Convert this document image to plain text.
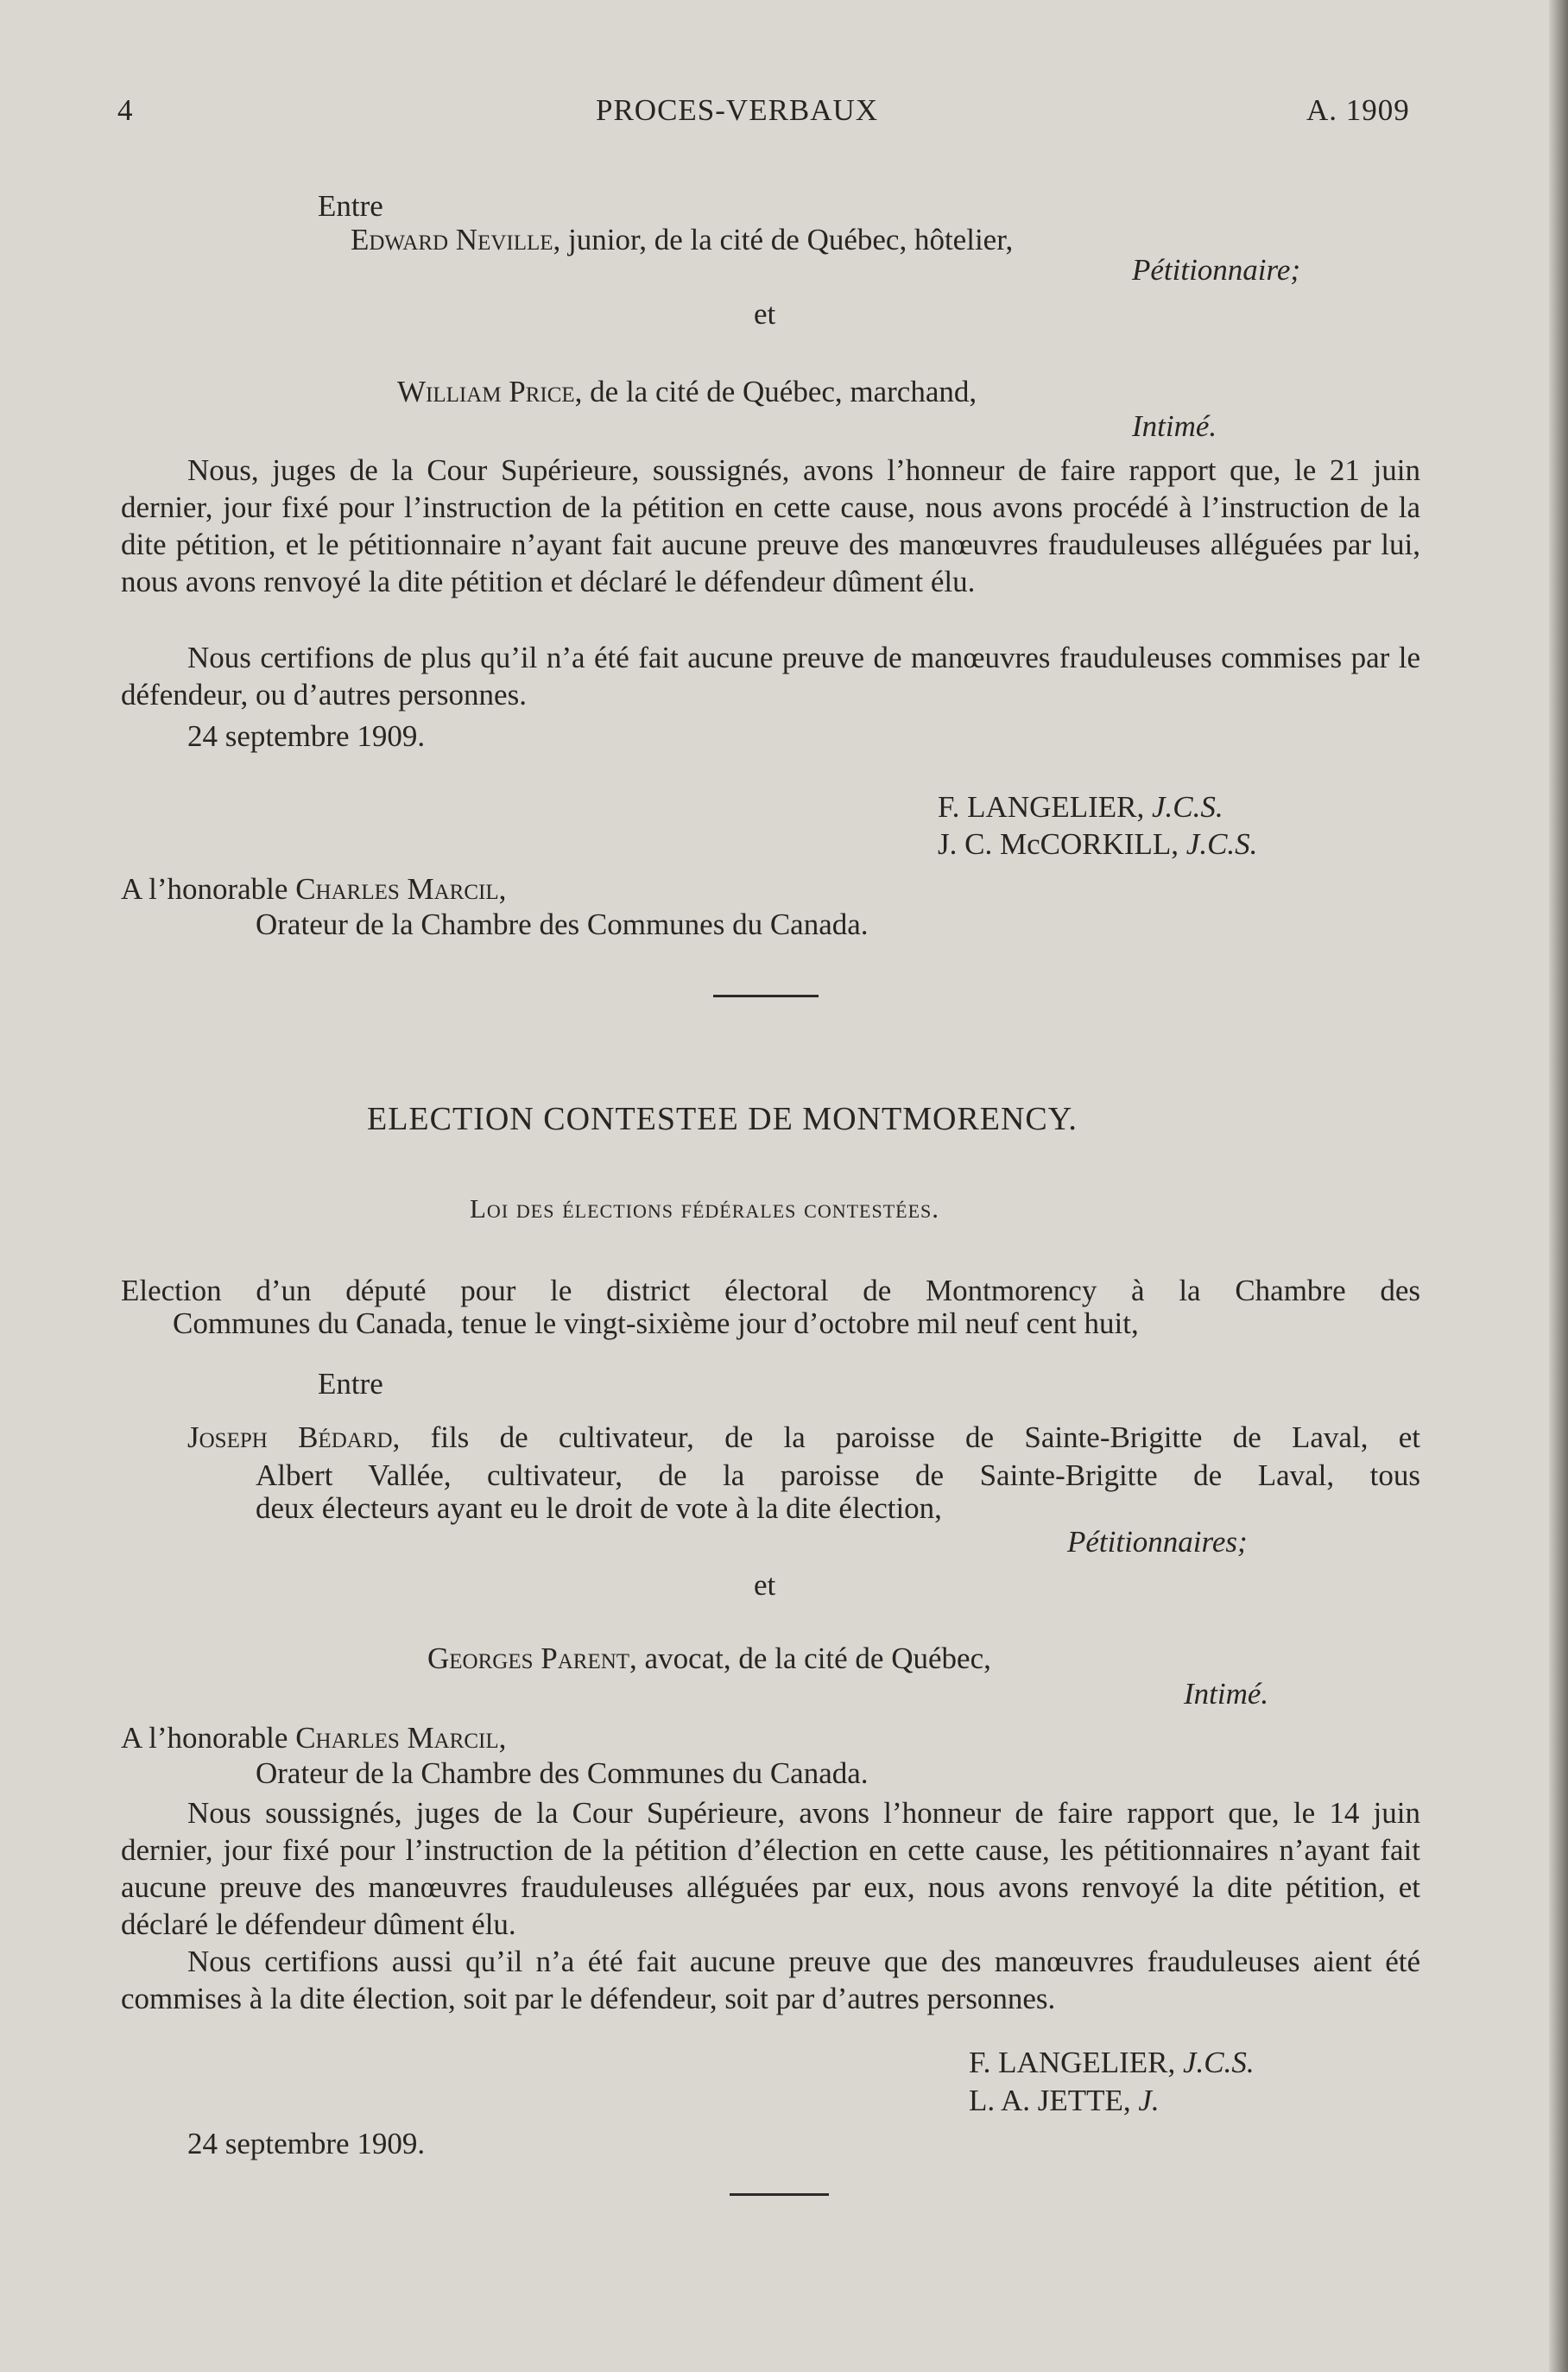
4	PROCES-VERBAUX	A. 1909
Entre
Edward Neville, junior, de la cité de Québec, hôtelier,
Pétitionnaire;
et
William Price, de la cité de Québec, marchand,
Intimé.
Nous, juges de la Cour Supérieure, soussignés, avons l’honneur de faire rapport que, le 21 juin dernier, jour fixé pour l’instruction de la pétition en cette cause, nous avons procédé à l’instruction de la dite pétition, et le pétitionnaire n’ayant fait aucune preuve des manœuvres frauduleuses alléguées par lui, nous avons renvoyé la dite pétition et déclaré le défendeur dûment élu.
Nous certifions de plus qu’il n’a été fait aucune preuve de manœuvres frauduleuses commises par le défendeur, ou d’autres personnes.
24 septembre 1909.
F. LANGELIER, J.C.S.
J. C. McCORKILL, J.C.S.
A l’honorable Charles Marcil,
Orateur de la Chambre des Communes du Canada.
ELECTION CONTESTEE DE MONTMORENCY.
Loi des élections fédérales contestées.
Election d’un député pour le district électoral de Montmorency à la Chambre des
Communes du Canada, tenue le vingt-sixième jour d’octobre mil neuf cent huit,
Entre
Joseph Bédard, fils de cultivateur, de la paroisse de Sainte-Brigitte de Laval, et
Albert Vallée, cultivateur, de la paroisse de Sainte-Brigitte de Laval, tous
deux électeurs ayant eu le droit de vote à la dite élection,
Pétitionnaires;
et
Georges Parent, avocat, de la cité de Québec,
Intimé.
A l’honorable Charles Marcil,
Orateur de la Chambre des Communes du Canada.
Nous soussignés, juges de la Cour Supérieure, avons l’honneur de faire rapport que, le 14 juin dernier, jour fixé pour l’instruction de la pétition d’élection en cette cause, les pétitionnaires n’ayant fait aucune preuve des manœuvres frauduleuses alléguées par eux, nous avons renvoyé la dite pétition, et déclaré le défendeur dûment élu.
Nous certifions aussi qu’il n’a été fait aucune preuve que des manœuvres frauduleuses aient été commises à la dite élection, soit par le défendeur, soit par d’autres personnes.
F. LANGELIER, J.C.S.
L. A. JETTE, J.
24 septembre 1909.
